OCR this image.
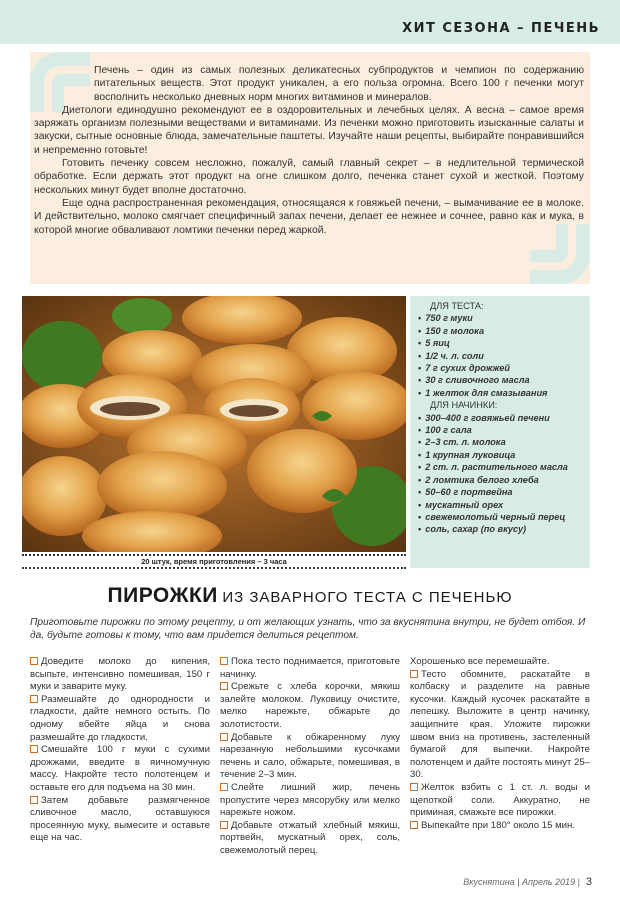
ХИТ СЕЗОНА – ПЕЧЕНЬ

Печень – один из самых полезных деликатесных субпродуктов и чемпион по содержанию питательных веществ. Этот продукт уникален, а его польза огромна. Всего 100 г печенки могут восполнить несколько дневных норм многих витаминов и минералов.

Диетологи единодушно рекомендуют ее в оздоровительных и лечебных целях. А весна – самое время заряжать организм полезными веществами и витаминами. Из печенки можно приготовить изысканные салаты и закуски, сытные основные блюда, замечательные паштеты. Изучайте наши рецепты, выбирайте понравившийся и непременно готовьте!

Готовить печенку совсем несложно, пожалуй, самый главный секрет – в недлительной термической обработке. Если держать этот продукт на огне слишком долго, печенка станет сухой и жесткой. Поэтому нескольких минут будет вполне достаточно.

Еще одна распространенная рекомендация, относящаяся к говяжьей печени, – вымачивание ее в молоке. И действительно, молоко смягчает специфичный запах печени, делает ее нежнее и сочнее, равно как и мука, в которой многие обваливают ломтики печенки перед жаркой.

20 штук, время приготовления – 3 часа
ДЛЯ ТЕСТА:
• 750 г муки
• 150 г молока
• 5 яиц
• 1/2 ч. л. соли
• 7 г сухих дрожжей
• 30 г сливочного масла
• 1 желток для смазывания
ДЛЯ НАЧИНКИ:
• 300–400 г говяжьей печени
• 100 г сала
• 2–3 ст. л. молока
• 1 крупная луковица
• 2 ст. л. растительного масла
• 2 ломтика белого хлеба
• 50–60 г портвейна
• мускатный орех
• свежемолотый черный перец
• соль, сахар (по вкусу)
ПИРОЖКИ ИЗ ЗАВАРНОГО ТЕСТА С ПЕЧЕНЬЮ
Приготовьте пирожки по этому рецепту, и от желающих узнать, что за вкуснятина внутри, не будет отбоя. И да, будьте готовы к тому, что вам придется делиться рецептом.

Доведите молоко до кипения, всыпьте, интенсивно помешивая, 150 г муки и заварите муку.

Размешайте до однородности и гладкости, дайте немного остыть. По одному вбейте яйца и снова размешайте до гладкости.

Смешайте 100 г муки с сухими дрожжами, введите в яичномучную массу. Накройте тесто полотенцем и оставьте его для подъема на 30 мин.

Затем добавьте размягченное сливочное масло, оставшуюся просеянную муку, вымесите и оставьте еще на час.

Пока тесто поднимается, приготовьте начинку.

Срежьте с хлеба корочки, мякиш залейте молоком. Луковицу очистите, мелко нарежьте, обжарьте до золотистости.

Добавьте к обжаренному луку нарезанную небольшими кусочками печень и сало, обжарьте, помешивая, в течение 2–3 мин.

Слейте лишний жир, печень пропустите через мясорубку или мелко нарежьте ножом.

Добавьте отжатый хлебный мякиш, портвейн, мускатный орех, соль, свежемолотый перец.

Хорошенько все перемешайте.

Тесто обомните, раскатайте в колбаску и разделите на равные кусочки. Каждый кусочек раскатайте в лепешку. Выложите в центр начинку, защипните края. Уложите пирожки швом вниз на противень, застеленный бумагой для выпечки. Накройте полотенцем и дайте постоять минут 25–30.

Желток взбить с 1 ст. л. воды и щепоткой соли. Аккуратно, не приминая, смажьте все пирожки.

Выпекайте при 180° около 15 мин.

Вкуснятина | Апрель 2019 | 3
